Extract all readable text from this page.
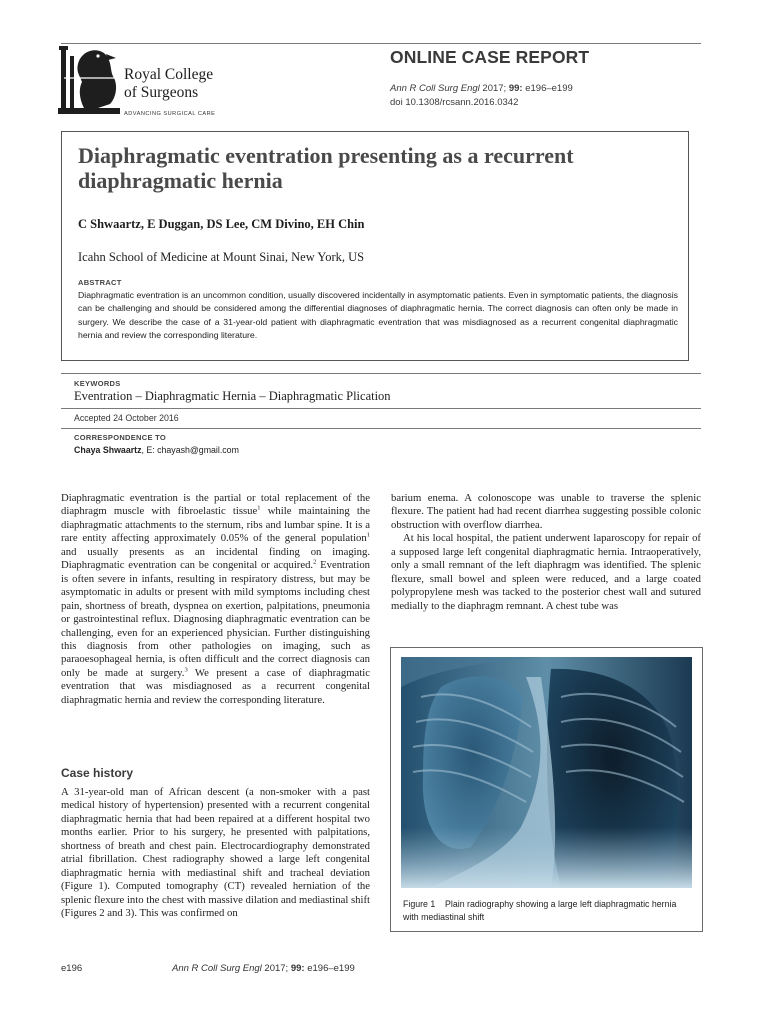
Royal College
of Surgeons
ADVANCING SURGICAL CARE
ONLINE CASE REPORT
Ann R Coll Surg Engl 2017; 99: e196–e199
doi 10.1308/rcsann.2016.0342
Diaphragmatic eventration presenting as a recurrent diaphragmatic hernia
C Shwaartz, E Duggan, DS Lee, CM Divino, EH Chin
Icahn School of Medicine at Mount Sinai, New York, US
ABSTRACT
Diaphragmatic eventration is an uncommon condition, usually discovered incidentally in asymptomatic patients. Even in symptomatic patients, the diagnosis can be challenging and should be considered among the differential diagnoses of diaphragmatic hernia. The correct diagnosis can often only be made in surgery. We describe the case of a 31-year-old patient with diaphragmatic eventration that was misdiagnosed as a recurrent congenital diaphragmatic hernia and review the corresponding literature.
KEYWORDS
Eventration – Diaphragmatic Hernia – Diaphragmatic Plication
Accepted 24 October 2016
CORRESPONDENCE TO
Chaya Shwaartz, E: chayash@gmail.com

Diaphragmatic eventration is the partial or total replacement of the diaphragm muscle with fibroelastic tissue$^1$ while maintaining the diaphragmatic attachments to the sternum, ribs and lumbar spine. It is a rare entity affecting approximately 0.05% of the general population$^1$ and usually presents as an incidental finding on imaging. Diaphragmatic eventration can be congenital or acquired.$^2$ Eventration is often severe in infants, resulting in respiratory distress, but may be asymptomatic in adults or present with mild symptoms including chest pain, shortness of breath, dyspnea on exertion, palpitations, pneumonia or gastrointestinal reflux. Diagnosing diaphragmatic eventration can be challenging, even for an experienced physician. Further distinguishing this diagnosis from other pathologies on imaging, such as paraoesophageal hernia, is often difficult and the correct diagnosis can only be made at surgery.$^3$ We present a case of diaphragmatic eventration that was misdiagnosed as a recurrent congenital diaphragmatic hernia and review the corresponding literature.

Case history

A 31-year-old man of African descent (a non-smoker with a past medical history of hypertension) presented with a recurrent congenital diaphragmatic hernia that had been repaired at a different hospital two months earlier. Prior to his surgery, he presented with palpitations, shortness of breath and chest pain. Electrocardiography demonstrated atrial fibrillation. Chest radiography showed a large left congenital diaphragmatic hernia with mediastinal shift and tracheal deviation (Figure 1). Computed tomography (CT) revealed herniation of the splenic flexure into the chest with massive dilation and mediastinal shift (Figures 2 and 3). This was confirmed on

barium enema. A colonoscope was unable to traverse the splenic flexure. The patient had had recent diarrhea suggesting possible colonic obstruction with overflow diarrhea.

At his local hospital, the patient underwent laparoscopy for repair of a supposed large left congenital diaphragmatic hernia. Intraoperatively, only a small remnant of the left diaphragm was identified. The splenic flexure, small bowel and spleen were reduced, and a large coated polypropylene mesh was tacked to the posterior chest wall and sutured medially to the diaphragm remnant. A chest tube was

Figure 1    Plain radiography showing a large left diaphragmatic hernia with mediastinal shift
e196	Ann R Coll Surg Engl 2017; 99: e196–e199
